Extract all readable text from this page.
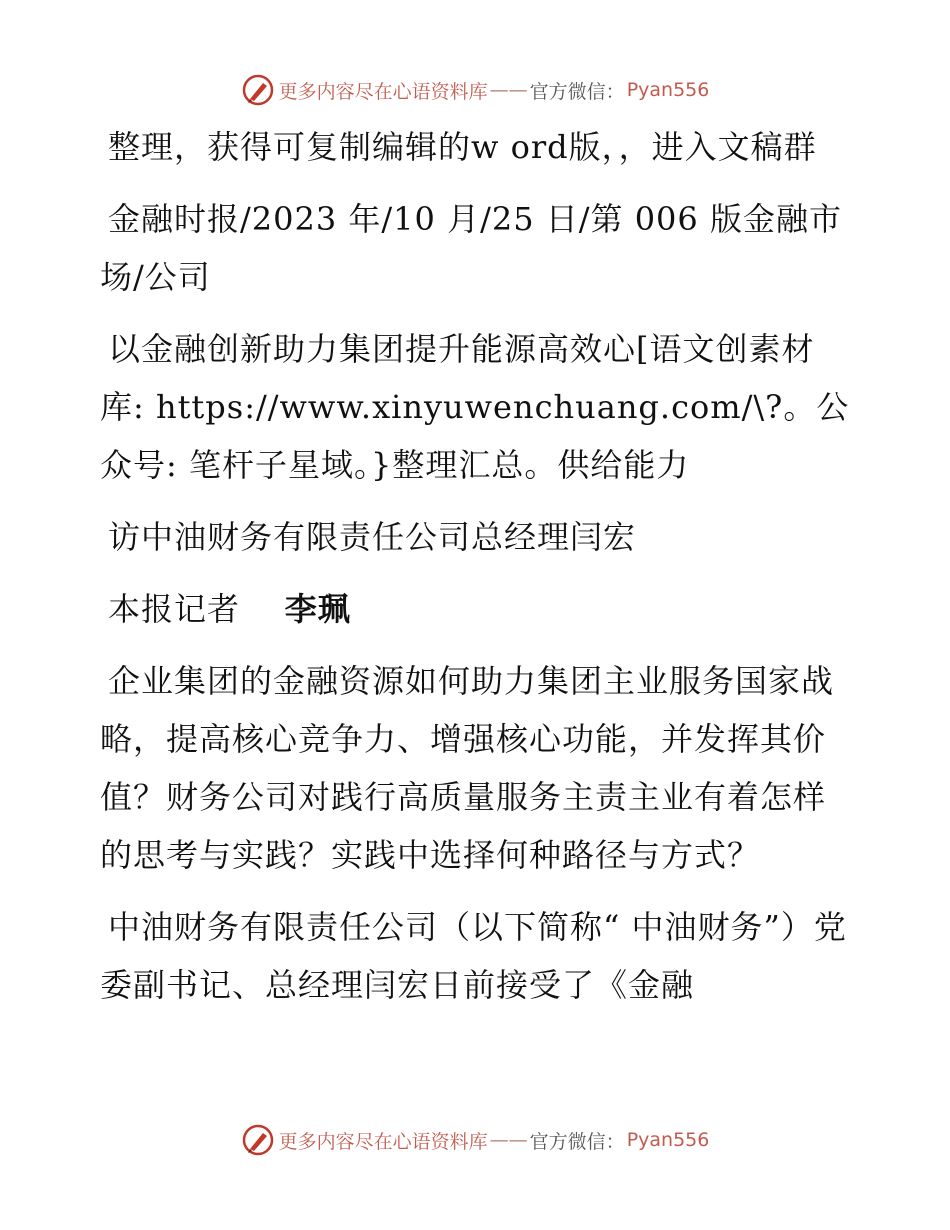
更多内容尽在心语资料库 —— 官方微信： Pyan556

整理，获得可复制编辑的w ord版，，进入文稿群

金融时报/2023 年/10 月/25 日/第 006 版金融市场/公司

以金融创新助力集团提升能源高效心[语文创素材库: https://www.xinyuwenchuang.com/\?。公众号: 笔杆子星域。}整理汇总。供给能力

访中油财务有限责任公司总经理闫宏

本报记者 李珮

企业集团的金融资源如何助力集团主业服务国家战略，提高核心竞争力、增强核心功能，并发挥其价值？财务公司对践行高质量服务主责主业有着怎样的思考与实践？实践中选择何种路径与方式？

中油财务有限责任公司（以下简称“ 中油财务”）党委副书记、总经理闫宏日前接受了《金融

更多内容尽在心语资料库 —— 官方微信： Pyan556
